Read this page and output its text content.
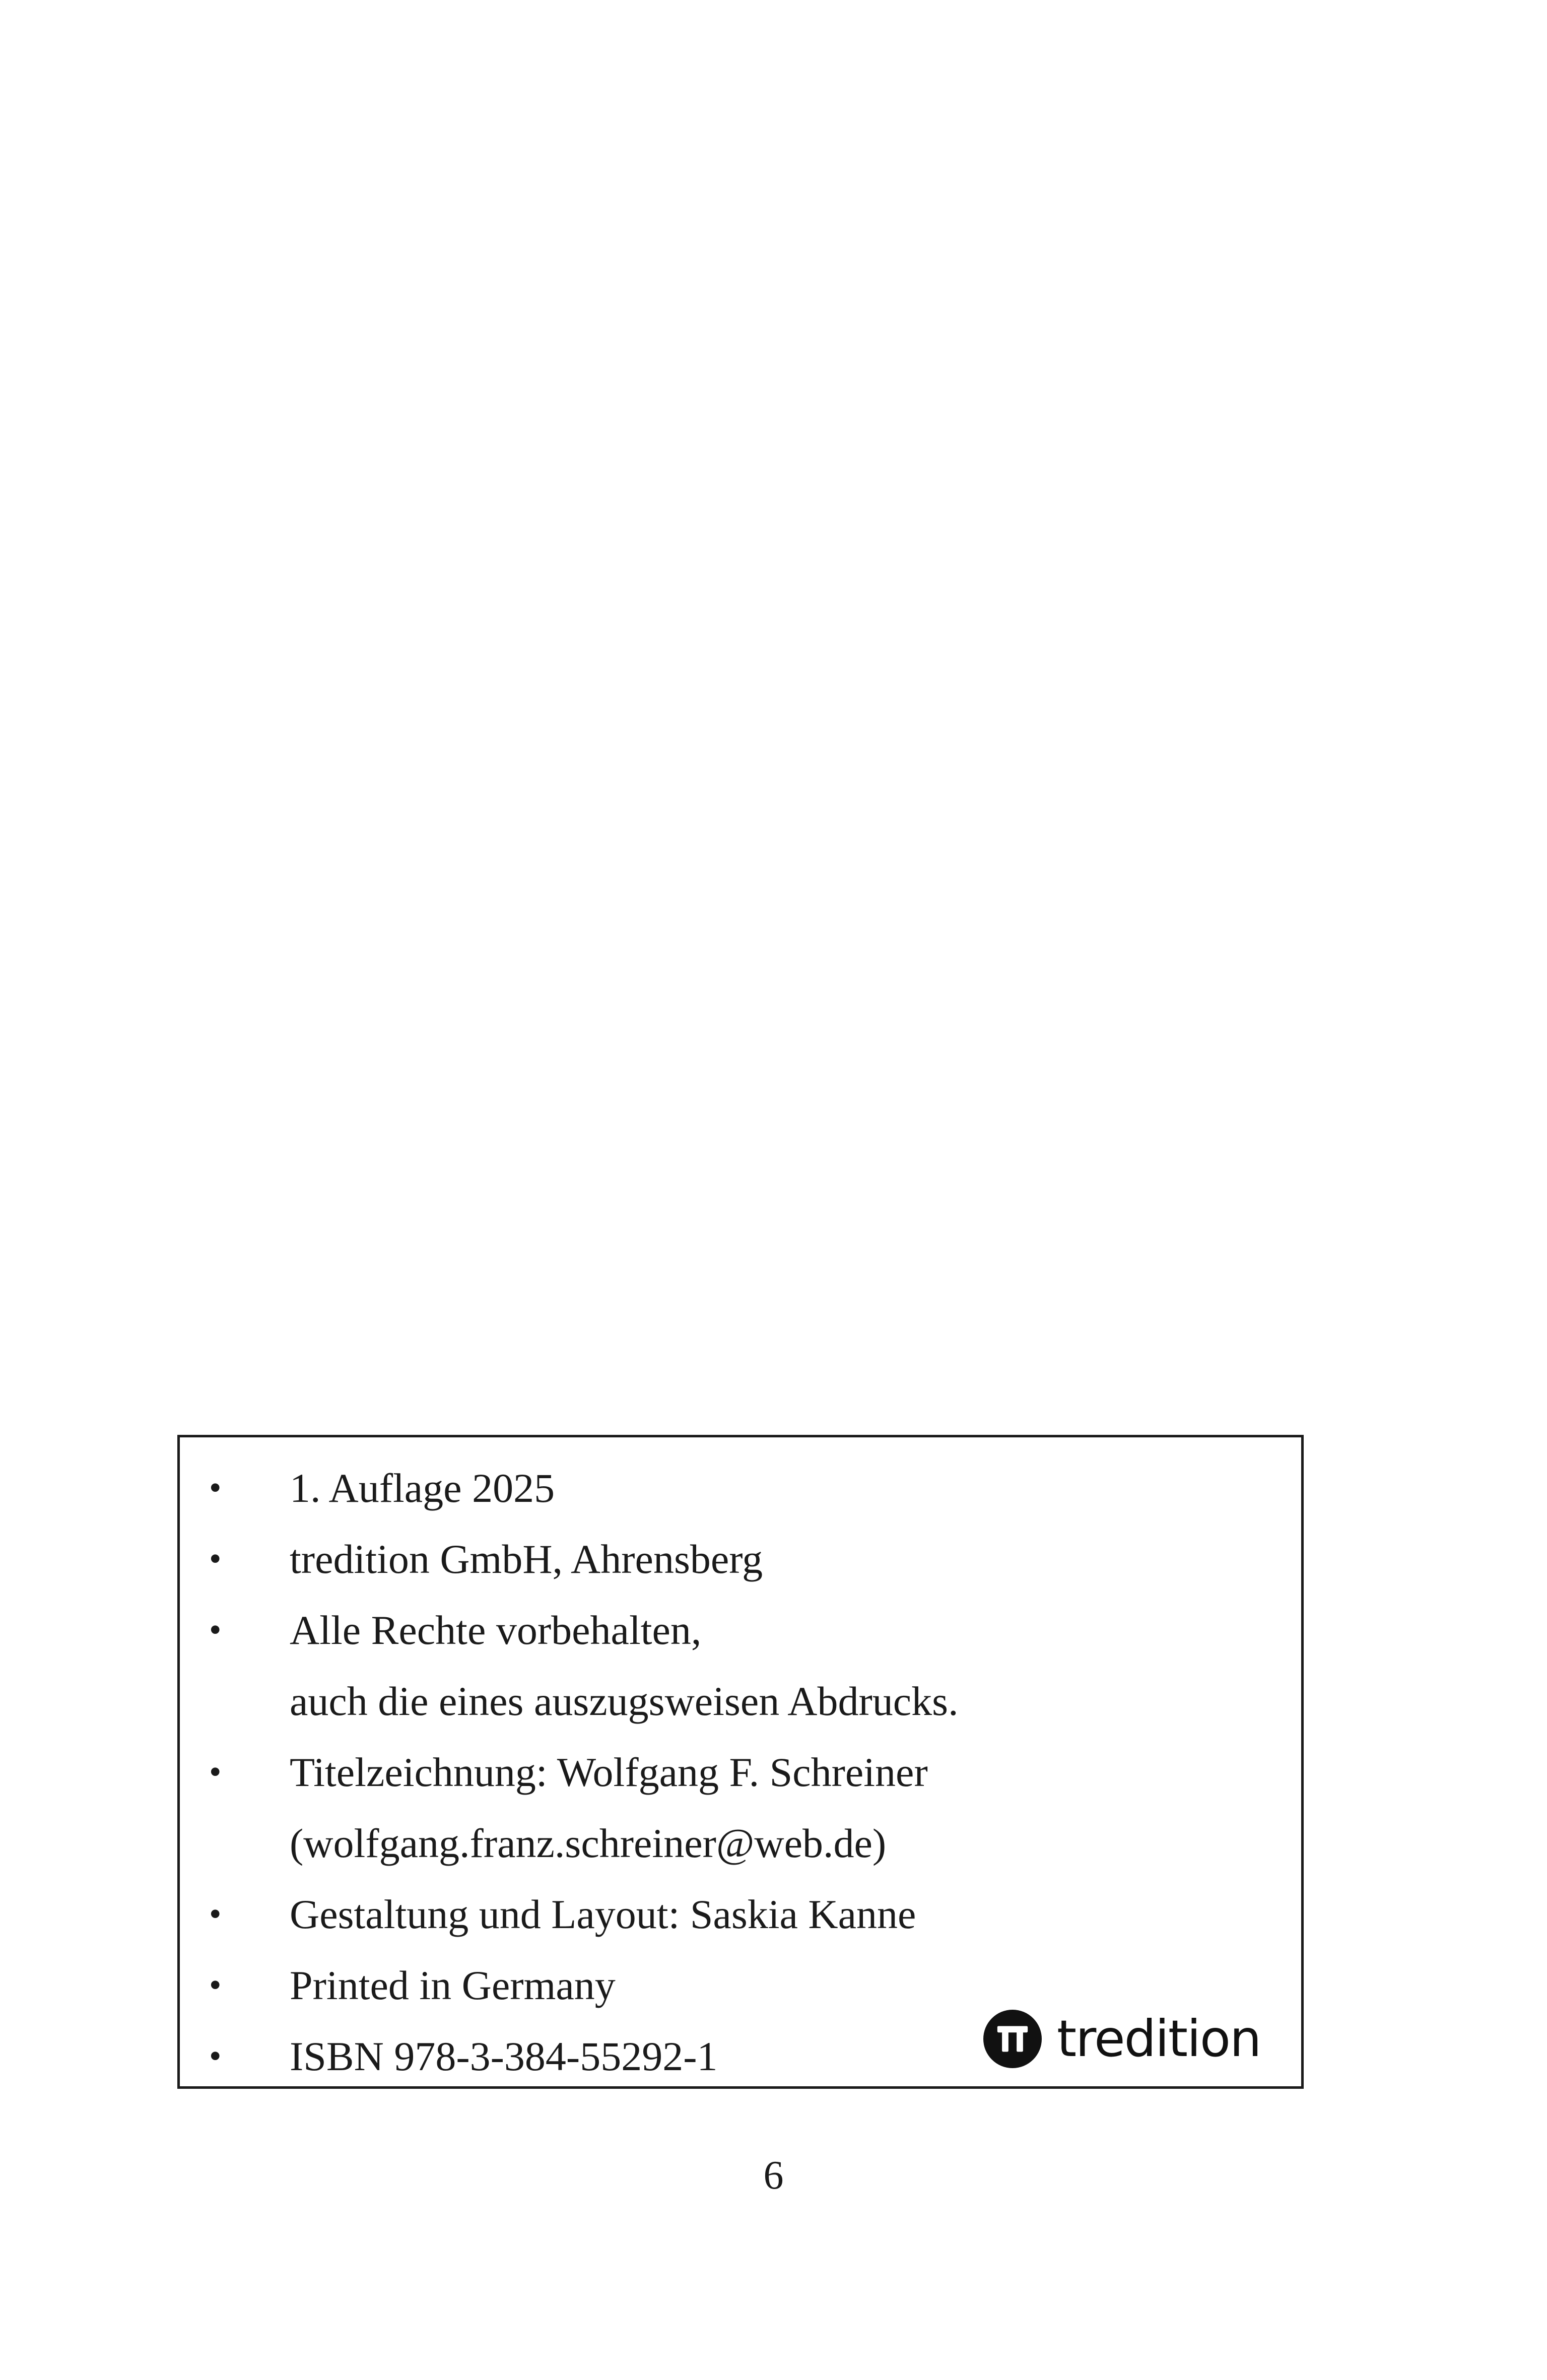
• 1. Auflage 2025
• tredition GmbH, Ahrensberg
• Alle Rechte vorbehalten,
auch die eines auszugsweisen Abdrucks.
• Titelzeichnung: Wolfgang F. Schreiner
(wolfgang.franz.schreiner@web.de)
• Gestaltung und Layout: Saskia Kanne
• Printed in Germany
• ISBN 978-3-384-55292-1	tredition
6
